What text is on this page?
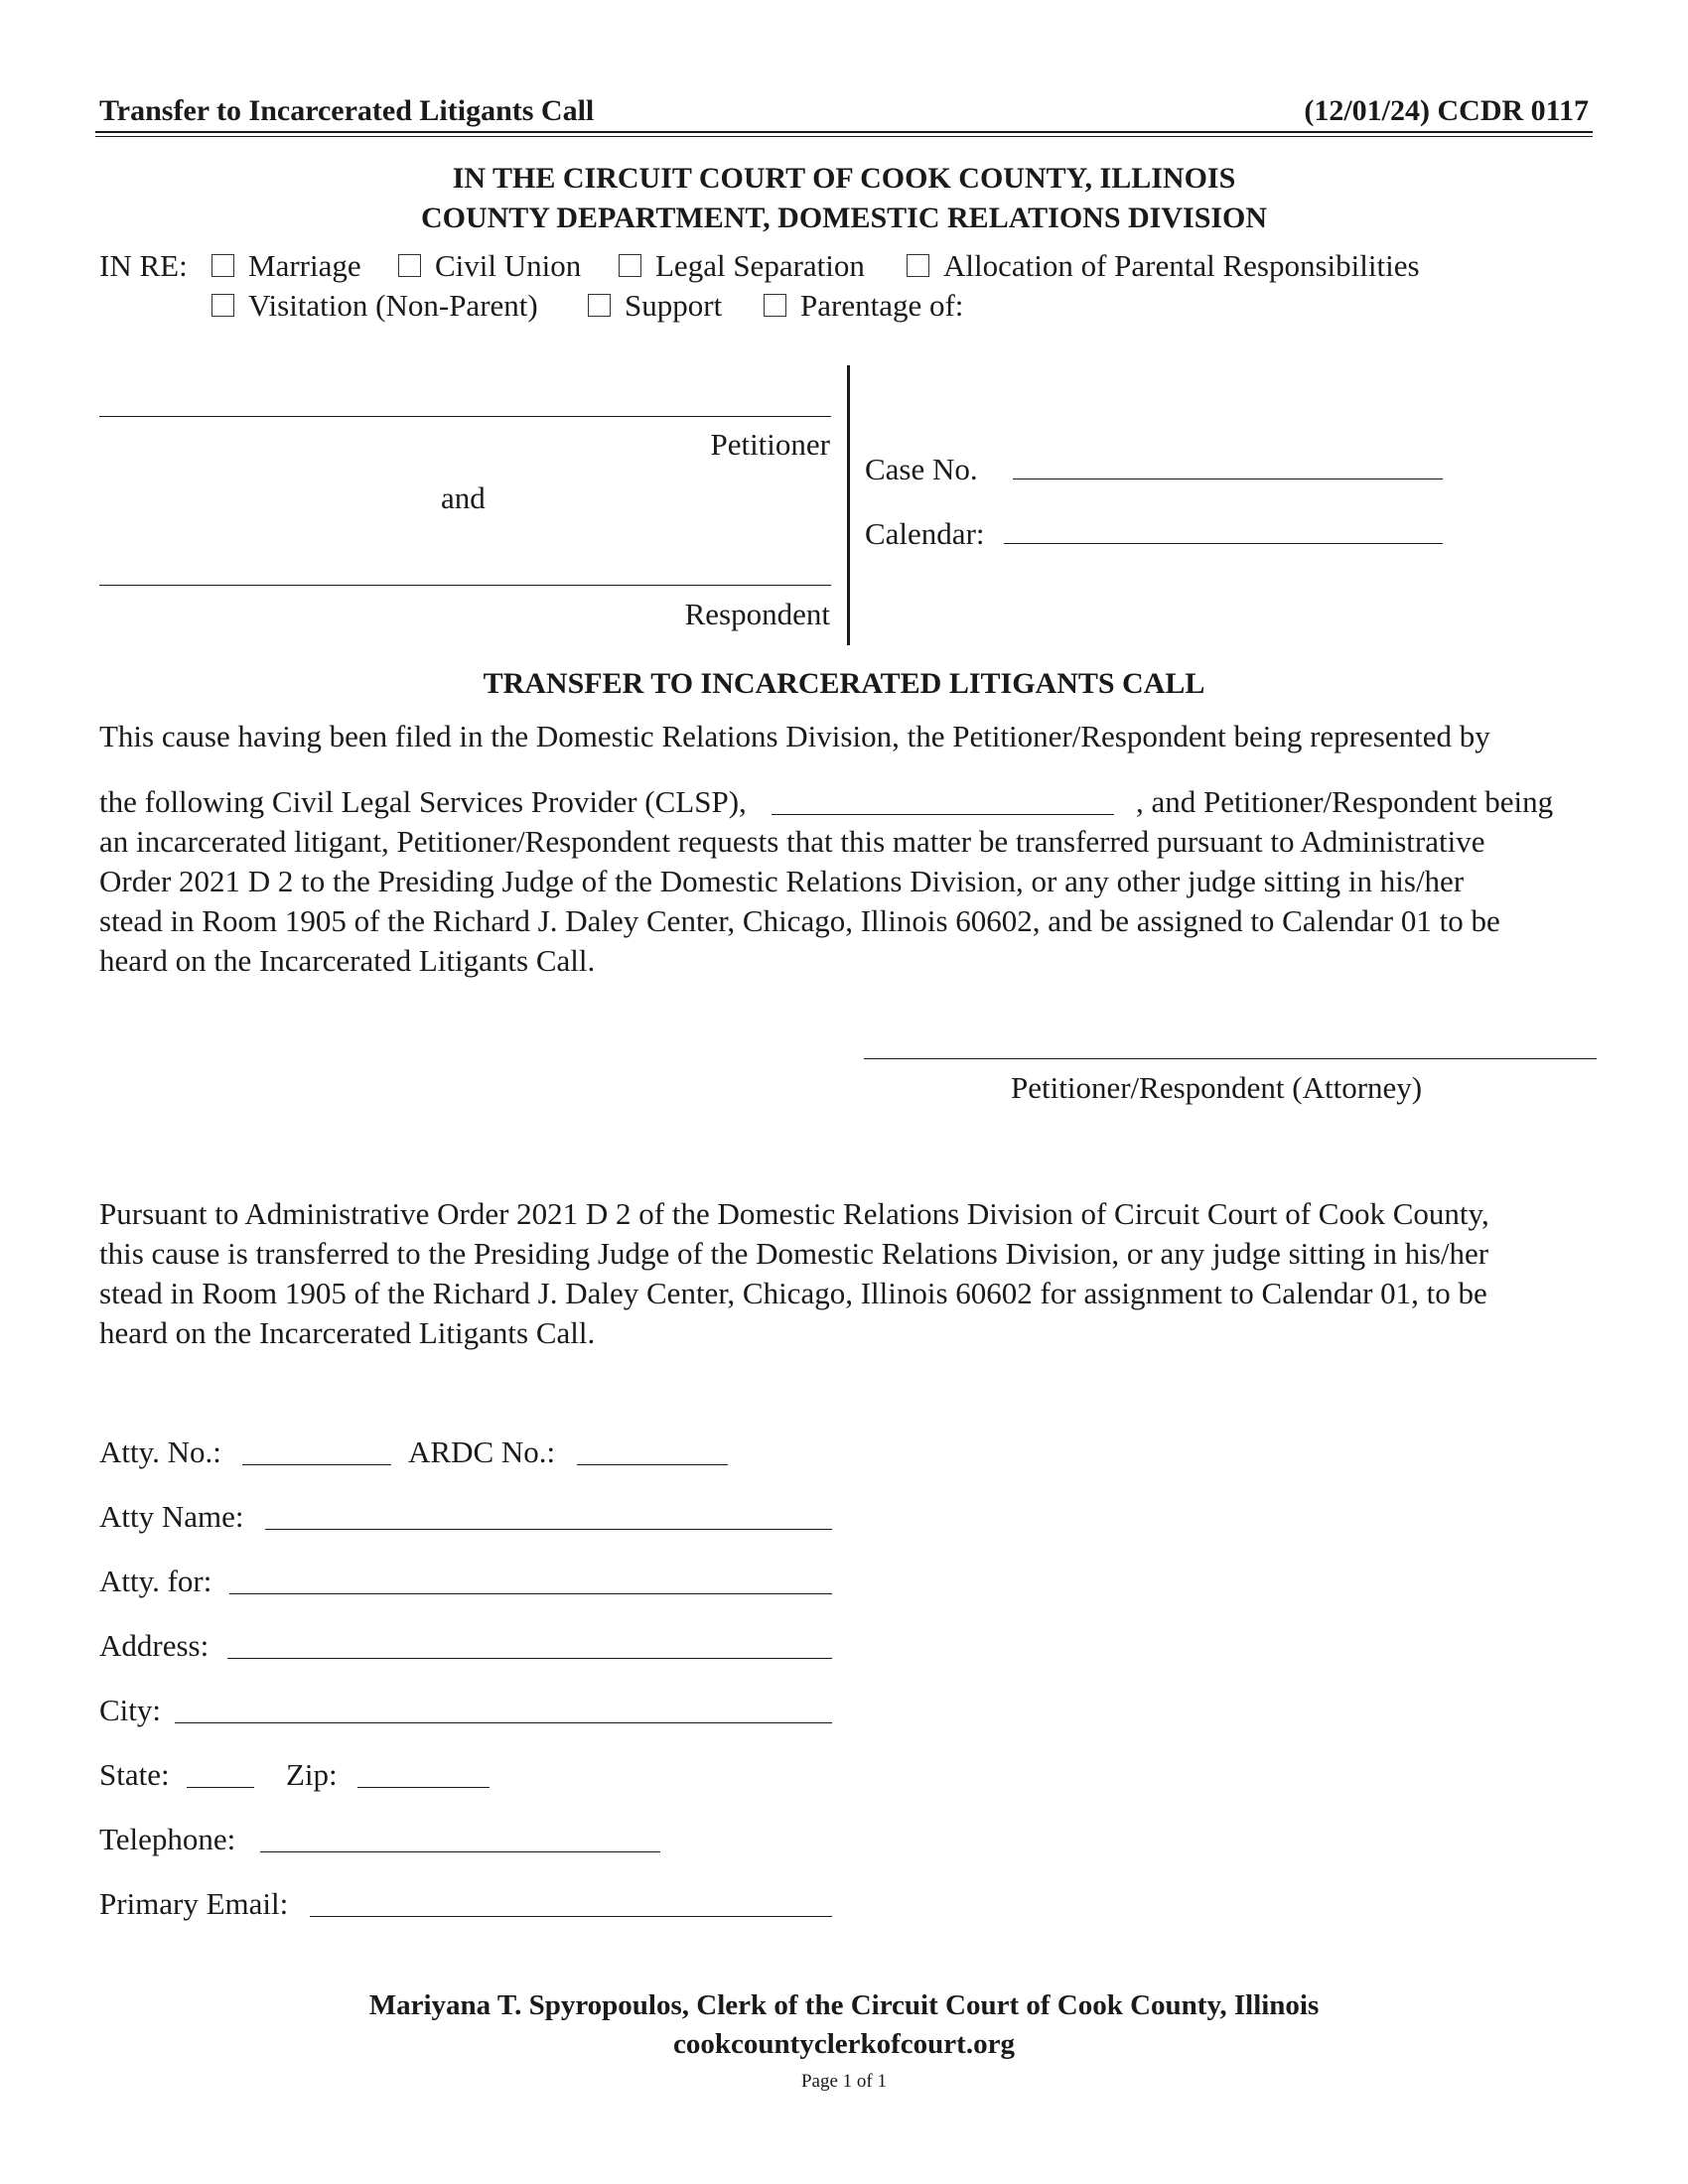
Transfer to Incarcerated Litigants Call	(12/01/24) CCDR 0117
IN THE CIRCUIT COURT OF COOK COUNTY, ILLINOIS
COUNTY DEPARTMENT, DOMESTIC RELATIONS DIVISION
IN RE:	Marriage	Civil Union	Legal Separation	Allocation of Parental Responsibilities
Visitation (Non-Parent)	Support	Parentage of:
Petitioner
and
Respondent
Case No.
Calendar:
TRANSFER TO INCARCERATED LITIGANTS CALL
This cause having been filed in the Domestic Relations Division, the Petitioner/Respondent being represented by
the following Civil Legal Services Provider (CLSP),	, and Petitioner/Respondent being
an incarcerated litigant, Petitioner/Respondent requests that this matter be transferred pursuant to Administrative
Order 2021 D 2 to the Presiding Judge of the Domestic Relations Division, or any other judge sitting in his/her
stead in Room 1905 of the Richard J. Daley Center, Chicago, Illinois 60602, and be assigned to Calendar 01 to be
heard on the Incarcerated Litigants Call.
Petitioner/Respondent (Attorney)
Pursuant to Administrative Order 2021 D 2 of the Domestic Relations Division of Circuit Court of Cook County,
this cause is transferred to the Presiding Judge of the Domestic Relations Division, or any judge sitting in his/her
stead in Room 1905 of the Richard J. Daley Center, Chicago, Illinois 60602 for assignment to Calendar 01, to be
heard on the Incarcerated Litigants Call.
Atty. No.:	ARDC No.:
Atty Name:
Atty. for:
Address:
City:
State:	Zip:
Telephone:
Primary Email:
Mariyana T. Spyropoulos, Clerk of the Circuit Court of Cook County, Illinois
cookcountyclerkofcourt.org
Page 1 of 1
